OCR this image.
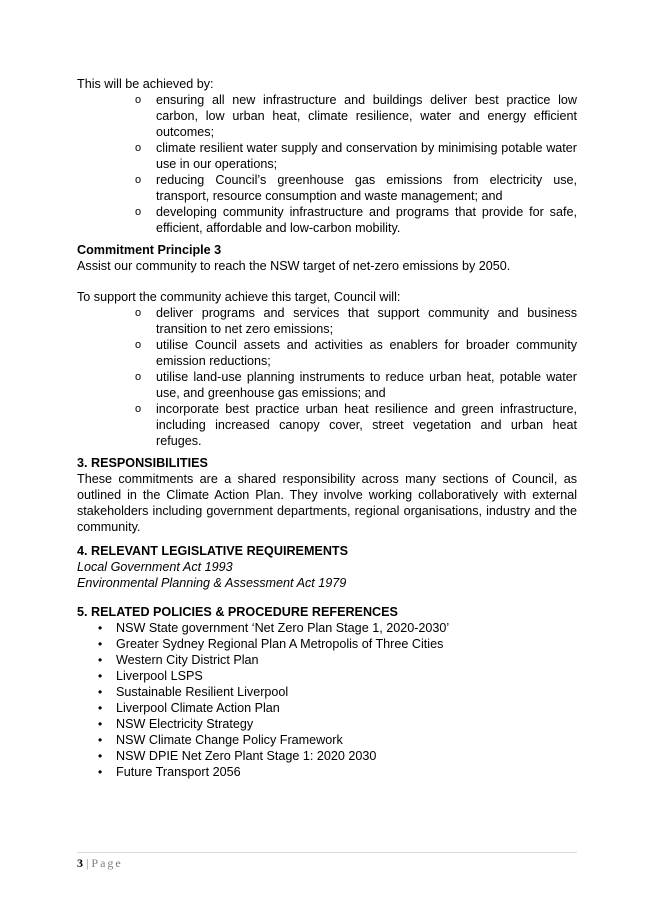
This will be achieved by:

o ensuring all new infrastructure and buildings deliver best practice low carbon, low urban heat, climate resilience, water and energy efficient outcomes;
o climate resilient water supply and conservation by minimising potable water use in our operations;
o reducing Council’s greenhouse gas emissions from electricity use, transport, resource consumption and waste management; and
o developing community infrastructure and programs that provide for safe, efficient, affordable and low-carbon mobility.

Commitment Principle 3

Assist our community to reach the NSW target of net-zero emissions by 2050.

To support the community achieve this target, Council will:

o deliver programs and services that support community and business transition to net zero emissions;
o utilise Council assets and activities as enablers for broader community emission reductions;
o utilise land-use planning instruments to reduce urban heat, potable water use, and greenhouse gas emissions; and
o incorporate best practice urban heat resilience and green infrastructure, including increased canopy cover, street vegetation and urban heat refuges.

3. RESPONSIBILITIES

These commitments are a shared responsibility across many sections of Council, as outlined in the Climate Action Plan. They involve working collaboratively with external stakeholders including government departments, regional organisations, industry and the community.

4. RELEVANT LEGISLATIVE REQUIREMENTS

Local Government Act 1993

Environmental Planning & Assessment Act 1979

5. RELATED POLICIES & PROCEDURE REFERENCES

• NSW State government ‘Net Zero Plan Stage 1, 2020-2030’
• Greater Sydney Regional Plan A Metropolis of Three Cities
• Western City District Plan
• Liverpool LSPS
• Sustainable Resilient Liverpool
• Liverpool Climate Action Plan
• NSW Electricity Strategy
• NSW Climate Change Policy Framework
• NSW DPIE Net Zero Plant Stage 1: 2020 2030
• Future Transport 2056
3 | Page
